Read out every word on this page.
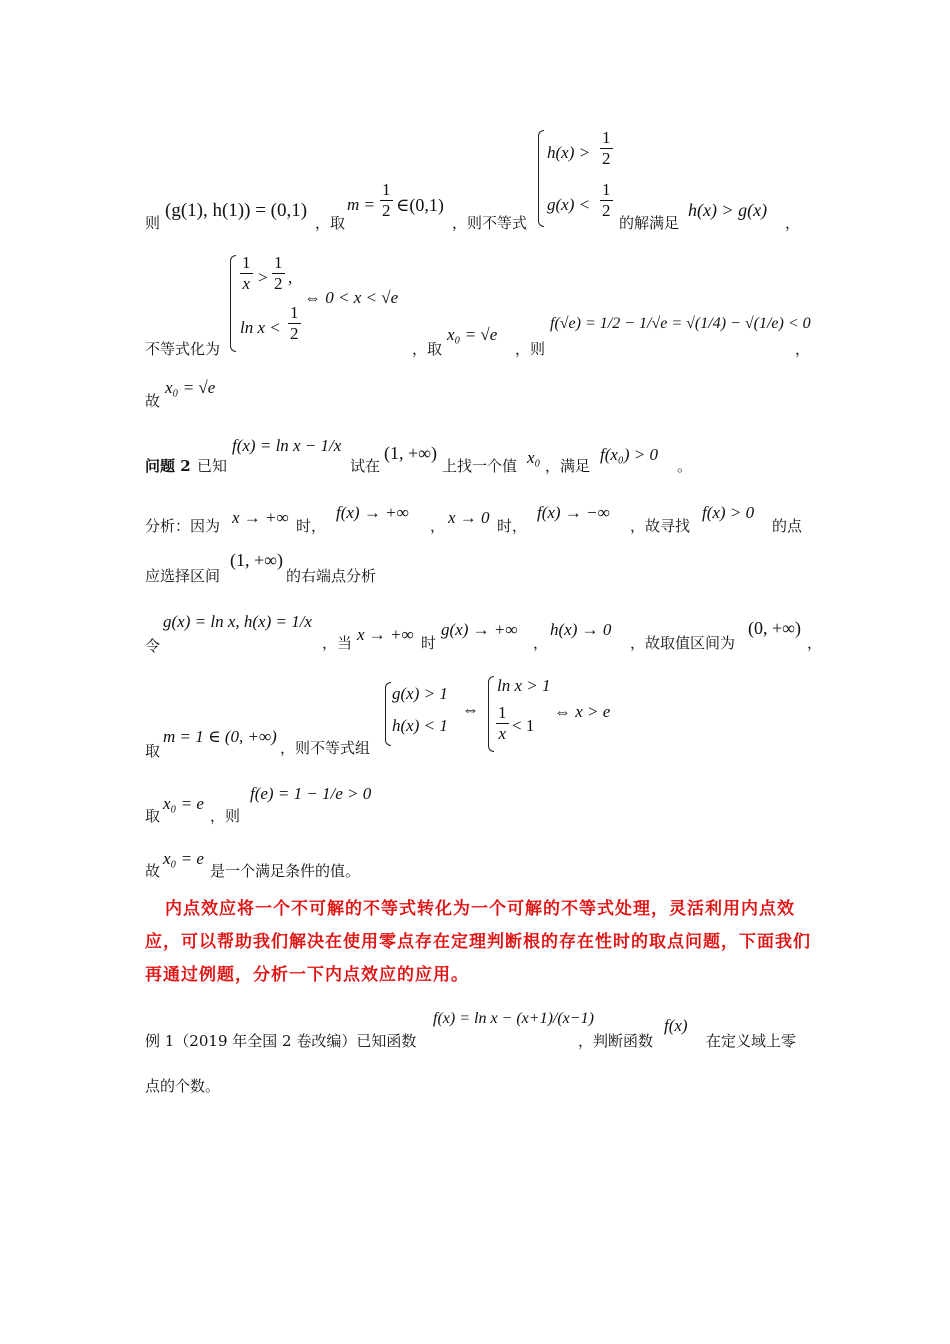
则
(g(1), h(1)) = (0,1)
，取
$m = \frac{1}{2}$ ∈(0,1)
，则不等式
$h(x) > \frac{1}{2}$
$g(x) < \frac{1}{2}$
的解满足
h(x) > g(x)
，
不等式化为
$\frac{1}{x} > \frac{1}{2}$ ,
$\ln x < \frac{1}{2}$
⇔ 0 < x < √e
，取
x₀ = √e
，则
f(√e) = 1/2 − 1/√e = √(1/4) − √(1/e) < 0
，
故
x₀ = √e
问题 2 已知
f(x) = ln x − 1/x
试在
(1, +∞)
上找一个值 x₀ ，满足
f(x₀) > 0
。
分析：因为 x → +∞ 时，
f(x) → +∞
， x → 0 时，
f(x) → −∞
，故寻找
f(x) > 0
的点
应选择区间
(1, +∞)
的右端点分析
令
g(x) = ln x, h(x) = 1/x
，当 x → +∞ 时
g(x) → +∞
，
h(x) → 0
，故取值区间为
(0, +∞)
，
取
m = 1 ∈ (0, +∞)
，则不等式组
g(x) > 1
h(x) < 1
⇔
ln x > 1
$\frac{1}{x} < 1$
⇔ x > e
取
x₀ = e
，则
f(e) = 1 − 1/e > 0
故
x₀ = e
是一个满足条件的值。
内点效应将一个不可解的不等式转化为一个可解的不等式处理，灵活利用内点效应，可以帮助我们解决在使用零点存在定理判断根的存在性时的取点问题，下面我们再通过例题，分析一下内点效应的应用。
例 1（2019 年全国 2 卷改编）已知函数
f(x) = ln x − (x+1)/(x−1)
，判断函数
f(x)
在定义域上零
点的个数。
